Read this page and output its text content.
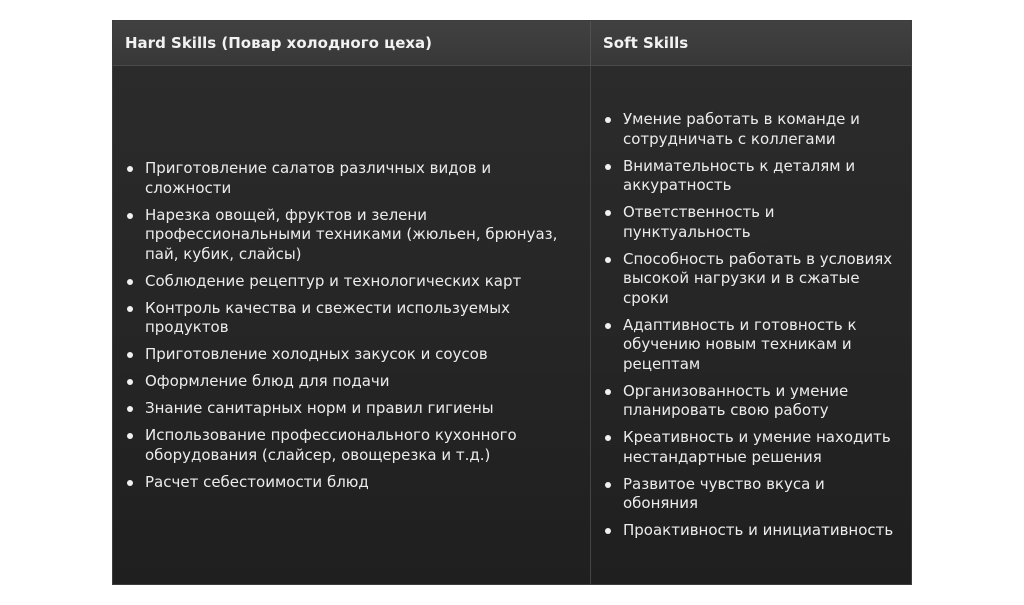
Hard Skills (Повар холодного цеха)	Soft Skills
Приготовление салатов различных видов и сложности
Нарезка овощей, фруктов и зелени профессиональными техниками (жюльен, брюнуаз, пай, кубик, слайсы)
Соблюдение рецептур и технологических карт
Контроль качества и свежести используемых продуктов
Приготовление холодных закусок и соусов
Оформление блюд для подачи
Знание санитарных норм и правил гигиены
Использование профессионального кухонного оборудования (слайсер, овощерезка и т.д.)
Расчет себестоимости блюд
Умение работать в команде и сотрудничать с коллегами
Внимательность к деталям и аккуратность
Ответственность и пунктуальность
Способность работать в условиях высокой нагрузки и в сжатые сроки
Адаптивность и готовность к обучению новым техникам и рецептам
Организованность и умение планировать свою работу
Креативность и умение находить нестандартные решения
Развитое чувство вкуса и обоняния
Проактивность и инициативность
